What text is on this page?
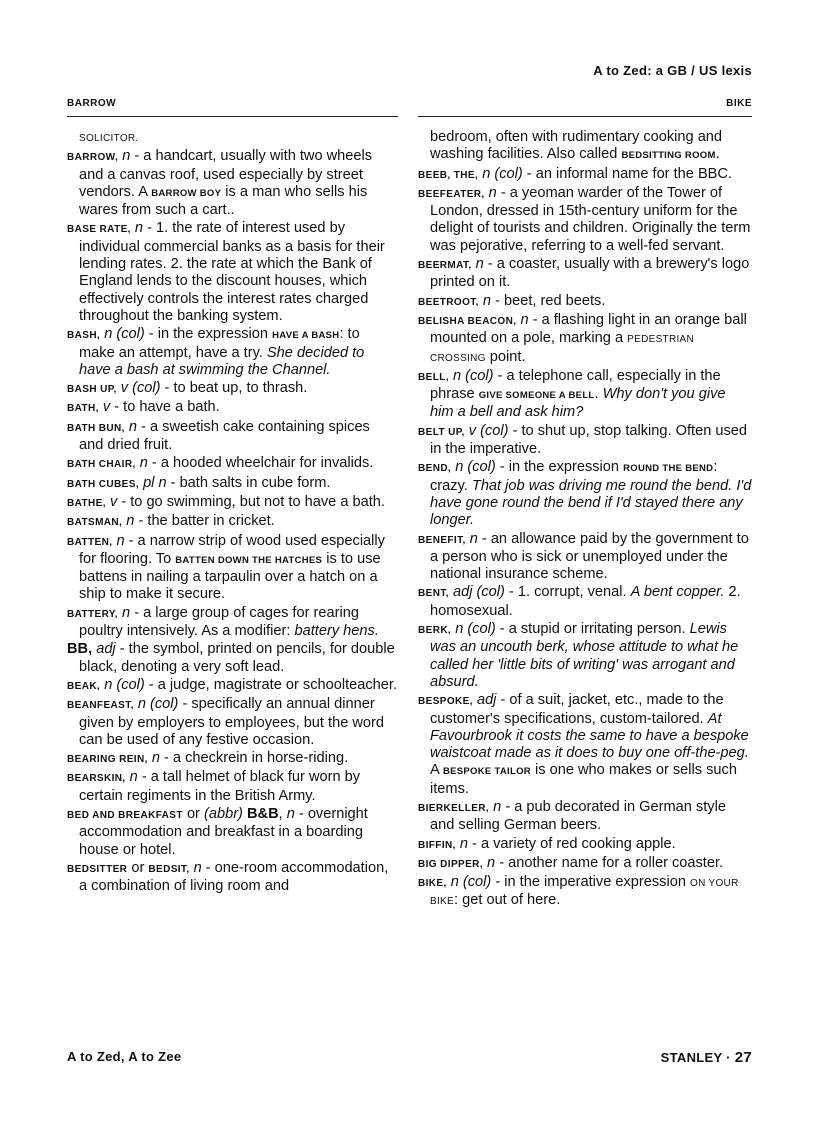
A to Zed: a GB / US lexis
BARROW	BIKE

SOLICITOR.

BARROW, n - a handcart, usually with two wheels and a canvas roof, used especially by street vendors. A BARROW BOY is a man who sells his wares from such a cart..

BASE RATE, n - 1. the rate of interest used by individual commercial banks as a basis for their lending rates. 2. the rate at which the Bank of England lends to the discount houses, which effectively controls the interest rates charged throughout the banking system.

BASH, n (col) - in the expression HAVE A BASH: to make an attempt, have a try. She decided to have a bash at swimming the Channel.

BASH UP, v (col) - to beat up, to thrash.

BATH, v - to have a bath.

BATH BUN, n - a sweetish cake containing spices and dried fruit.

BATH CHAIR, n - a hooded wheelchair for invalids.

BATH CUBES, pl n - bath salts in cube form.

BATHE, v - to go swimming, but not to have a bath.

BATSMAN, n - the batter in cricket.

BATTEN, n - a narrow strip of wood used especially for flooring. To BATTEN DOWN THE HATCHES is to use battens in nailing a tarpaulin over a hatch on a ship to make it secure.

BATTERY, n - a large group of cages for rearing poultry intensively. As a modifier: battery hens.

BB, adj - the symbol, printed on pencils, for double black, denoting a very soft lead.

BEAK, n (col) - a judge, magistrate or schoolteacher.

BEANFEAST, n (col) - specifically an annual dinner given by employers to employees, but the word can be used of any festive occasion.

BEARING REIN, n - a checkrein in horse-riding.

BEARSKIN, n - a tall helmet of black fur worn by certain regiments in the British Army.

BED AND BREAKFAST or (abbr) B&B, n - overnight accommodation and breakfast in a boarding house or hotel.

BEDSITTER or BEDSIT, n - one-room accommodation, a combination of living room and

bedroom, often with rudimentary cooking and washing facilities. Also called BEDSITTING ROOM.

BEEB, THE, n (col) - an informal name for the BBC.

BEEFEATER, n - a yeoman warder of the Tower of London, dressed in 15th-century uniform for the delight of tourists and children. Originally the term was pejorative, referring to a well-fed servant.

BEERMAT, n - a coaster, usually with a brewery's logo printed on it.

BEETROOT, n - beet, red beets.

BELISHA BEACON, n - a flashing light in an orange ball mounted on a pole, marking a PEDESTRIAN CROSSING point.

BELL, n (col) - a telephone call, especially in the phrase GIVE SOMEONE A BELL. Why don't you give him a bell and ask him?

BELT UP, v (col) - to shut up, stop talking. Often used in the imperative.

BEND, n (col) - in the expression ROUND THE BEND: crazy. That job was driving me round the bend. I'd have gone round the bend if I'd stayed there any longer.

BENEFIT, n - an allowance paid by the government to a person who is sick or unemployed under the national insurance scheme.

BENT, adj (col) - 1. corrupt, venal. A bent copper. 2. homosexual.

BERK, n (col) - a stupid or irritating person. Lewis was an uncouth berk, whose attitude to what he called her 'little bits of writing' was arrogant and absurd.

BESPOKE, adj - of a suit, jacket, etc., made to the customer's specifications, custom-tailored. At Favourbrook it costs the same to have a bespoke waistcoat made as it does to buy one off-the-peg. A BESPOKE TAILOR is one who makes or sells such items.

BIERKELLER, n - a pub decorated in German style and selling German beers.

BIFFIN, n - a variety of red cooking apple.

BIG DIPPER, n - another name for a roller coaster.

BIKE, n (col) - in the imperative expression ON YOUR BIKE: get out of here.

A to Zed, A to Zee	STANLEY · 27
